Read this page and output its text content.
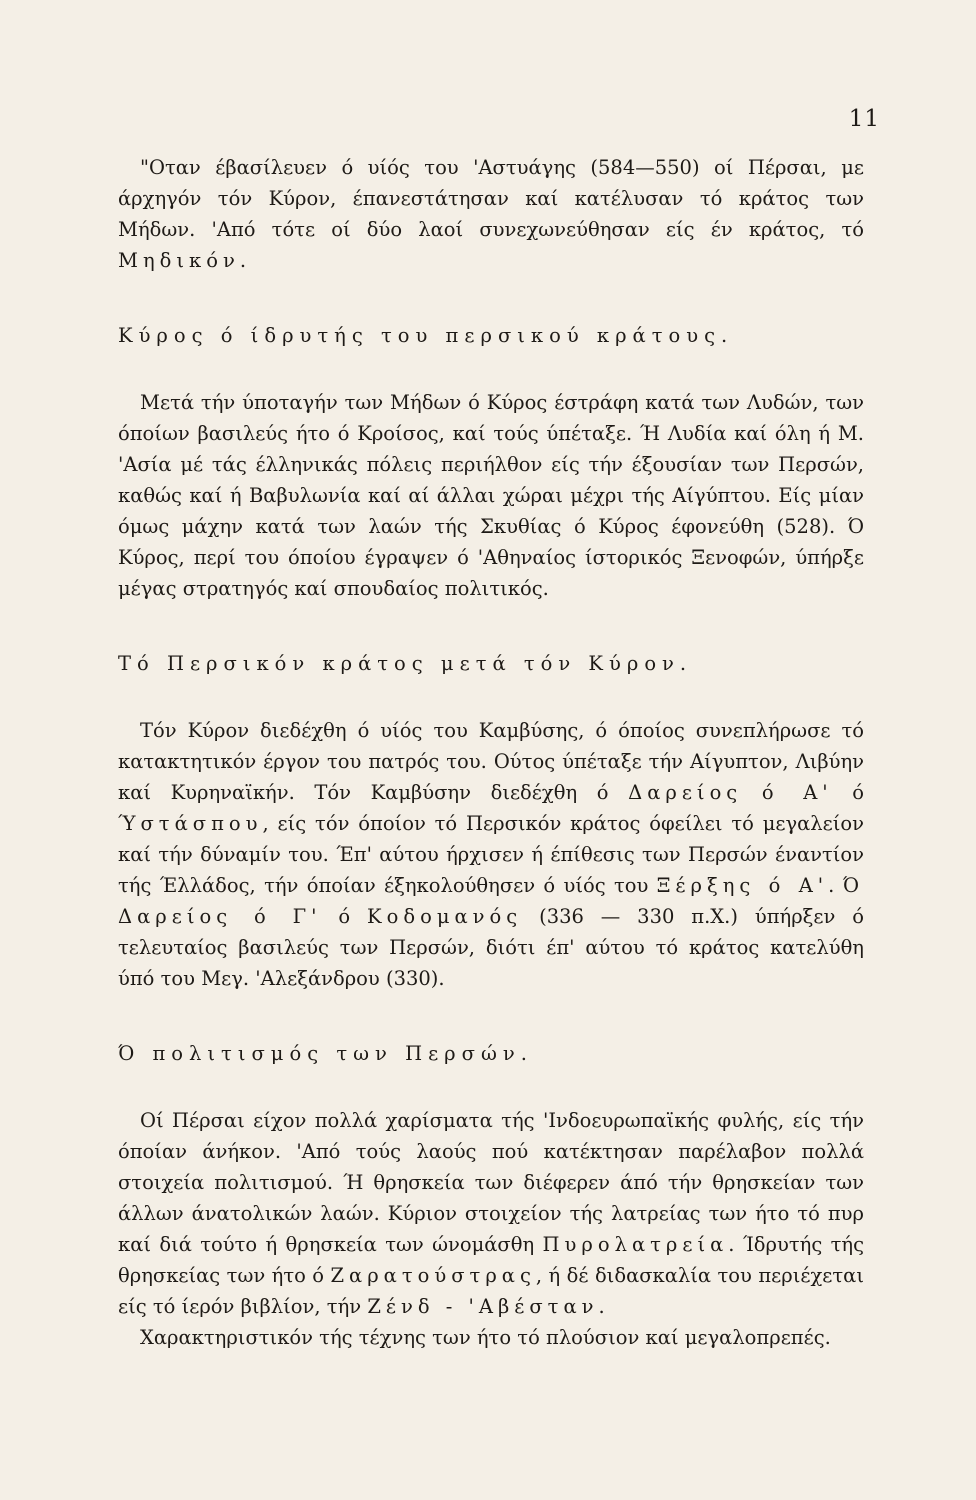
11

"Οταν έβασίλευεν ό υίός του 'Αστυάγης (584—550) οί Πέρσαι, με άρχηγόν τόν Κύρον, έπανεστάτησαν καί κατέλυσαν τό κράτος των Μήδων. 'Από τότε οί δύο λαοί συνεχωνεύθησαν είς έν κράτος, τό Μηδικόν.

Κύρος ό ίδρυτής του περσικού κράτους.

Μετά τήν ύποταγήν των Μήδων ό Κύρος έστράφη κατά των Λυδών, των όποίων βασιλεύς ήτο ό Κροίσος, καί τούς ύπέταξε. Ή Λυδία καί όλη ή Μ. 'Ασία μέ τάς έλληνικάς πόλεις περιήλθον είς τήν έξουσίαν των Περσών, καθώς καί ή Βαβυλωνία καί αί άλλαι χώραι μέχρι τής Αίγύπτου. Είς μίαν όμως μάχην κατά των λαών τής Σκυθίας ό Κύρος έφονεύθη (528). Ό Κύρος, περί του όποίου έγραψεν ό 'Αθηναίος ίστορικός Ξενοφών, ύπήρξε μέγας στρατηγός καί σπουδαίος πολιτικός.

Τό Περσικόν κράτος μετά τόν Κύρον.

Τόν Κύρον διεδέχθη ό υίός του Καμβύσης, ό όποίος συνεπλήρωσε τό κατακτητικόν έργον του πατρός του. Ούτος ύπέταξε τήν Αίγυπτον, Λιβύην καί Κυρηναϊκήν. Τόν Καμβύσην διεδέχθη ό Δαρείος ό Α' ό Ύστάσπου, είς τόν όποίον τό Περσικόν κράτος όφείλει τό μεγαλείον καί τήν δύναμίν του. Έπ' αύτου ήρχισεν ή έπίθεσις των Περσών έναντίον τής Έλλάδος, τήν όποίαν έξηκολούθησεν ό υίός του Ξέρξης ό Α'. Ό Δαρείος ό Γ' ό Κοδομανός (336 — 330 π.Χ.) ύπήρξεν ό τελευταίος βασιλεύς των Περσών, διότι έπ' αύτου τό κράτος κατελύθη ύπό του Μεγ. 'Αλεξάνδρου (330).

Ό πολιτισμός των Περσών.

Οί Πέρσαι είχον πολλά χαρίσματα τής 'Ινδοευρωπαϊκής φυλής, είς τήν όποίαν άνήκον. 'Από τούς λαούς πού κατέκτησαν παρέλαβον πολλά στοιχεία πολιτισμού. Ή θρησκεία των διέφερεν άπό τήν θρησκείαν των άλλων άνατολικών λαών. Κύριον στοιχείον τής λατρείας των ήτο τό πυρ καί διά τούτο ή θρησκεία των ώνομάσθη Πυρολατρεία. Ίδρυτής τής θρησκείας των ήτο ό Ζαρατούστρας, ή δέ διδασκαλία του περιέχεται είς τό ίερόν βιβλίον, τήν Ζένδ - 'Αβέσταν.

Χαρακτηριστικόν τής τέχνης των ήτο τό πλούσιον καί μεγαλοπρεπές.
